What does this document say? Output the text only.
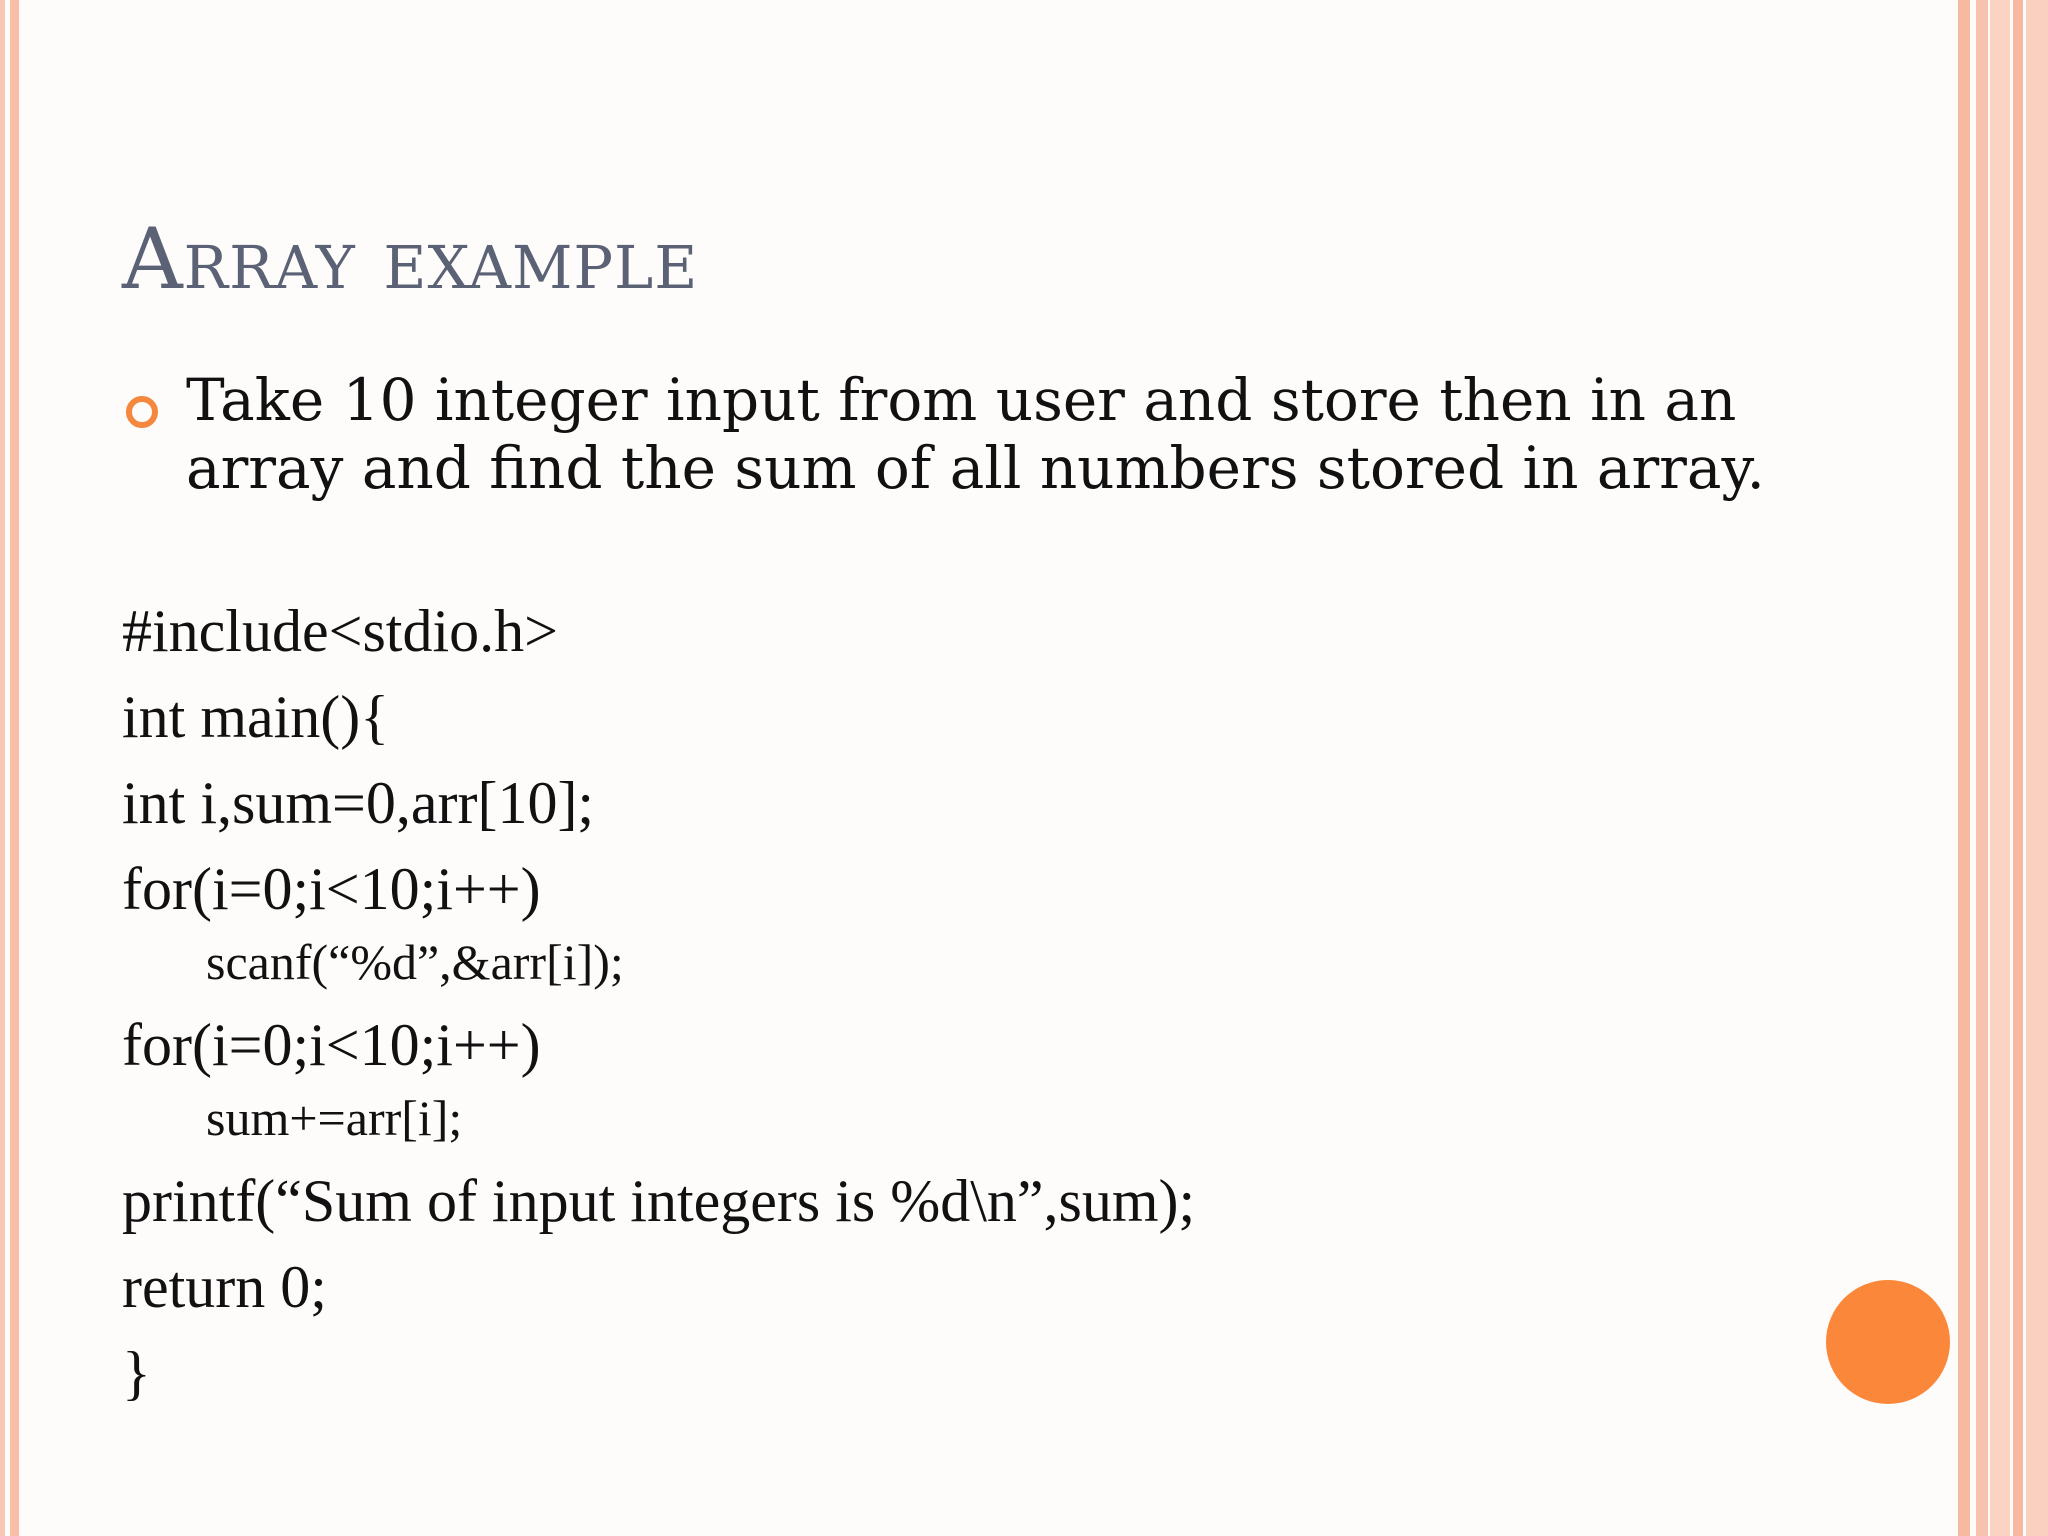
Array example
Take 10 integer input from user and store then in an array and find the sum of all numbers stored in array.
#include<stdio.h>
int main(){
int i,sum=0,arr[10];
for(i=0;i<10;i++)
scanf(“%d”,&arr[i]);
for(i=0;i<10;i++)
sum+=arr[i];
printf(“Sum of input integers is %d\n”,sum);
return 0;
}
